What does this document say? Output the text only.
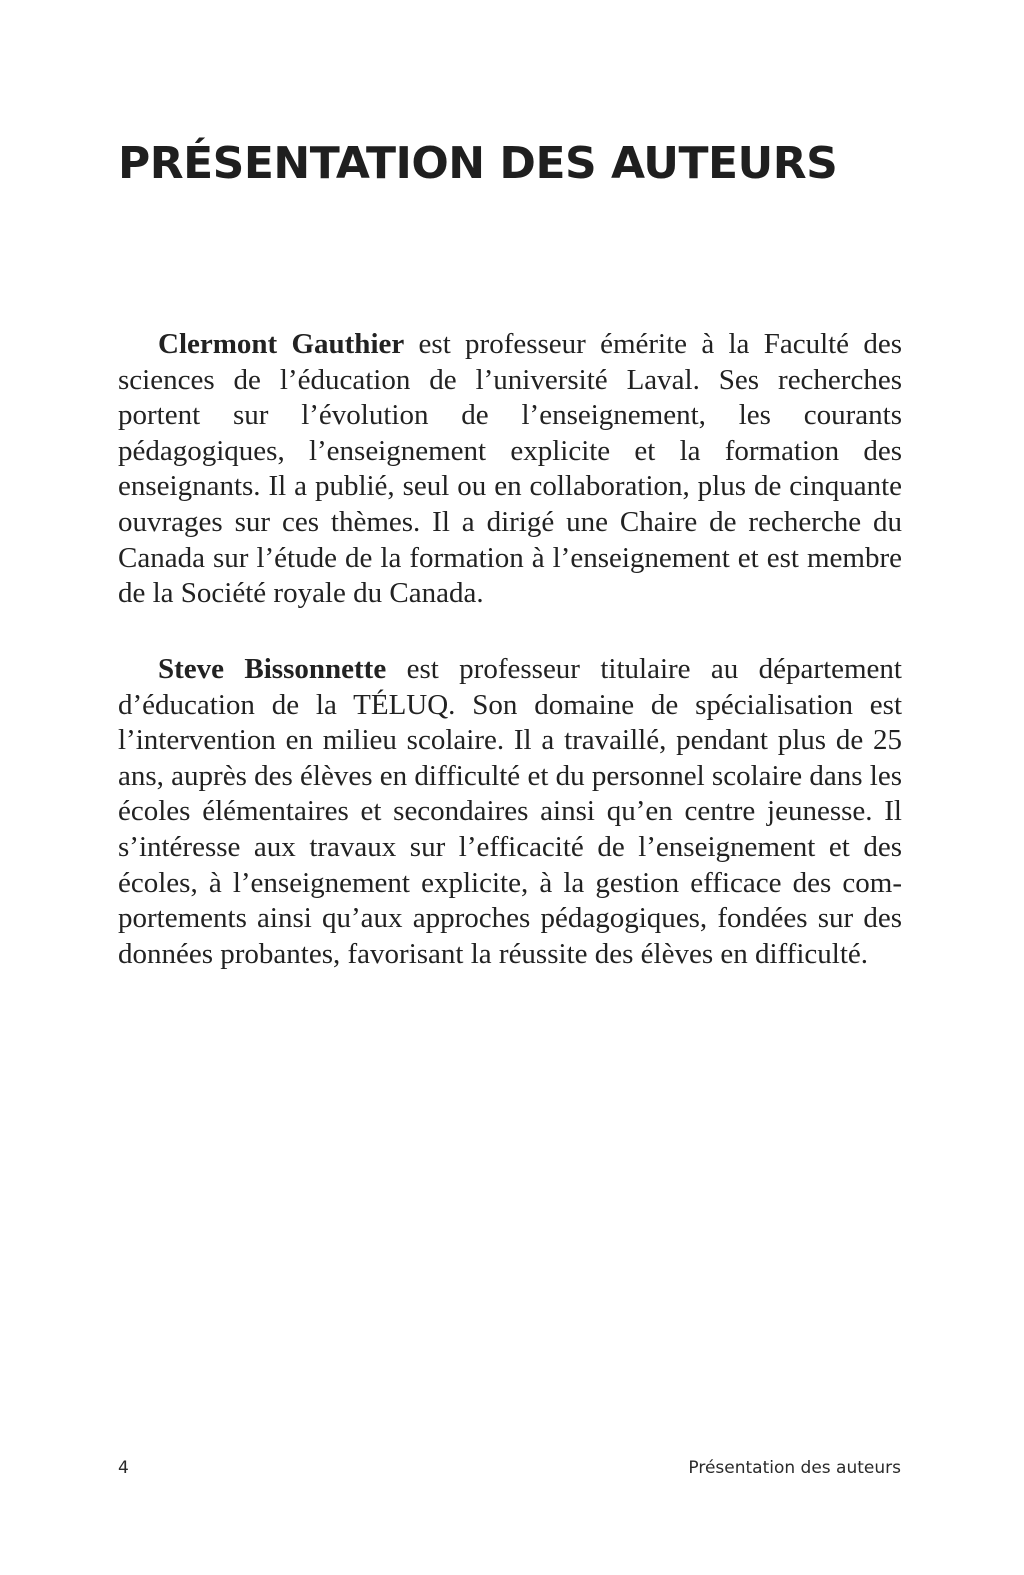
PRÉSENTATION DES AUTEURS

Clermont Gauthier est professeur émérite à la Faculté des sciences de l’éducation de l’université Laval. Ses recherches portent sur l’évolution de l’enseignement, les courants pédagogiques, l’enseignement explicite et la formation des enseignants. Il a publié, seul ou en collaboration, plus de cinquante ouvrages sur ces thèmes. Il a dirigé une Chaire de recherche du Canada sur l’étude de la formation à l’enseignement et est membre de la Société royale du Canada.

Steve Bissonnette est professeur titulaire au département d’éducation de la TÉLUQ. Son domaine de spécialisation est l’intervention en milieu scolaire. Il a travaillé, pendant plus de 25 ans, auprès des élèves en difficulté et du personnel scolaire dans les écoles élémentaires et secondaires ainsi qu’en centre jeunesse. Il s’intéresse aux travaux sur l’efficacité de l’enseignement et des écoles, à l’enseignement explicite, à la gestion efficace des comportements ainsi qu’aux approches pédagogiques, fondées sur des données probantes, favorisant la réussite des élèves en difficulté.

4	Présentation des auteurs
